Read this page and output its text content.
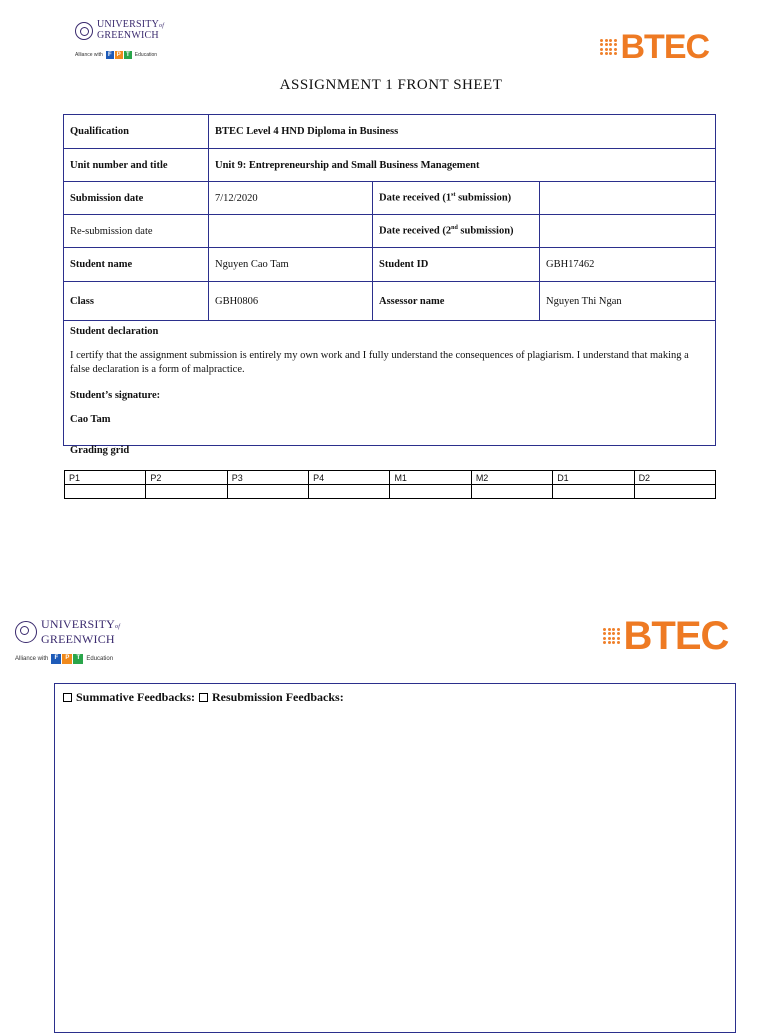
UNIVERSITYof
GREENWICH
Alliance with F P T	Education	BTEC
ASSIGNMENT 1 FRONT SHEET
Qualification	BTEC Level 4 HND Diploma in Business		
Unit number and title	Unit 9: Entrepreneurship and Small Business Management		
Submission date	7/12/2020	Date received (1st submission)	
Re-submission date		Date received (2nd submission)	
Student name	Nguyen Cao Tam	Student ID	GBH17462
Class	GBH0806	Assessor name	Nguyen Thi Ngan

Student declaration

I certify that the assignment submission is entirely my own work and I fully understand the consequences of plagiarism. I understand that making a false declaration is a form of malpractice.

Student’s signature:

Cao Tam			

Grading grid
P1	P2	P3	P4	M1	M2	D1	D2

UNIVERSITYof
GREENWICH
Alliance with	F	P	T	Education
BTEC
Summative Feedbacks: Resubmission Feedbacks:
